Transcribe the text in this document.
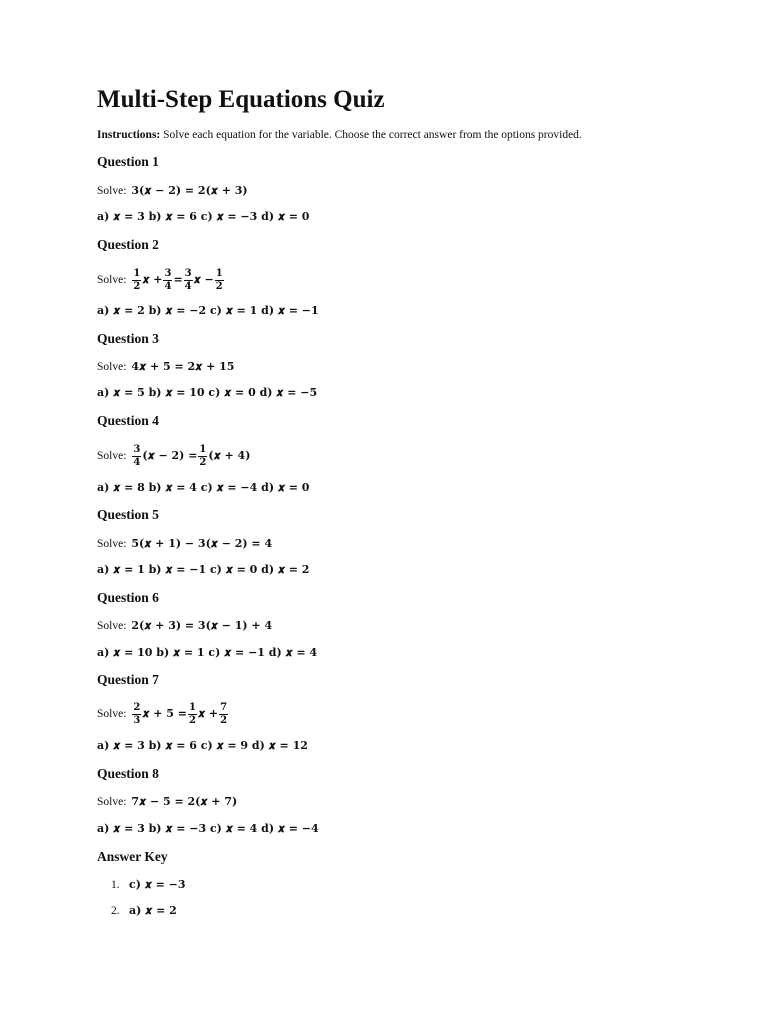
Multi-Step Equations Quiz
Instructions: Solve each equation for the variable. Choose the correct answer from the options provided.
Question 1
Solve: 3(𝒙 − 2) = 2(𝒙 + 3)
a) 𝒙 = 3 b) 𝒙 = 6 c) 𝒙 = −3 d) 𝒙 = 0
Question 2
Solve: $\frac{1}{2}$ 𝒙 + $\frac{3}{4} = \frac{3}{4}$ 𝒙 − $\frac{1}{2}$
a) 𝒙 = 2 b) 𝒙 = −2 c) 𝒙 = 1 d) 𝒙 = −1
Question 3
Solve: 4𝒙 + 5 = 2𝒙 + 15
a) 𝒙 = 5 b) 𝒙 = 10 c) 𝒙 = 0 d) 𝒙 = −5
Question 4
Solve: $\frac{3}{4}$ (𝒙 − $2) = \frac{1}{2}$ (𝒙 + 4)
a) 𝒙 = 8 b) 𝒙 = 4 c) 𝒙 = −4 d) 𝒙 = 0
Question 5
Solve: 5(𝒙 + 1) − 3(𝒙 − 2) = 4
a) 𝒙 = 1 b) 𝒙 = −1 c) 𝒙 = 0 d) 𝒙 = 2
Question 6
Solve: 2(𝒙 + 3) = 3(𝒙 − 1) + 4
a) 𝒙 = 10 b) 𝒙 = 1 c) 𝒙 = −1 d) 𝒙 = 4
Question 7
Solve: $\frac{2}{3}$ 𝒙 + $5 = \frac{1}{2}$ 𝒙 + $\frac{7}{2}$
a) 𝒙 = 3 b) 𝒙 = 6 c) 𝒙 = 9 d) 𝒙 = 12
Question 8
Solve: 7𝒙 − 5 = 2(𝒙 + 7)
a) 𝒙 = 3 b) 𝒙 = −3 c) 𝒙 = 4 d) 𝒙 = −4
Answer Key
1. c) 𝒙 = −3
2. a) 𝒙 = 2
